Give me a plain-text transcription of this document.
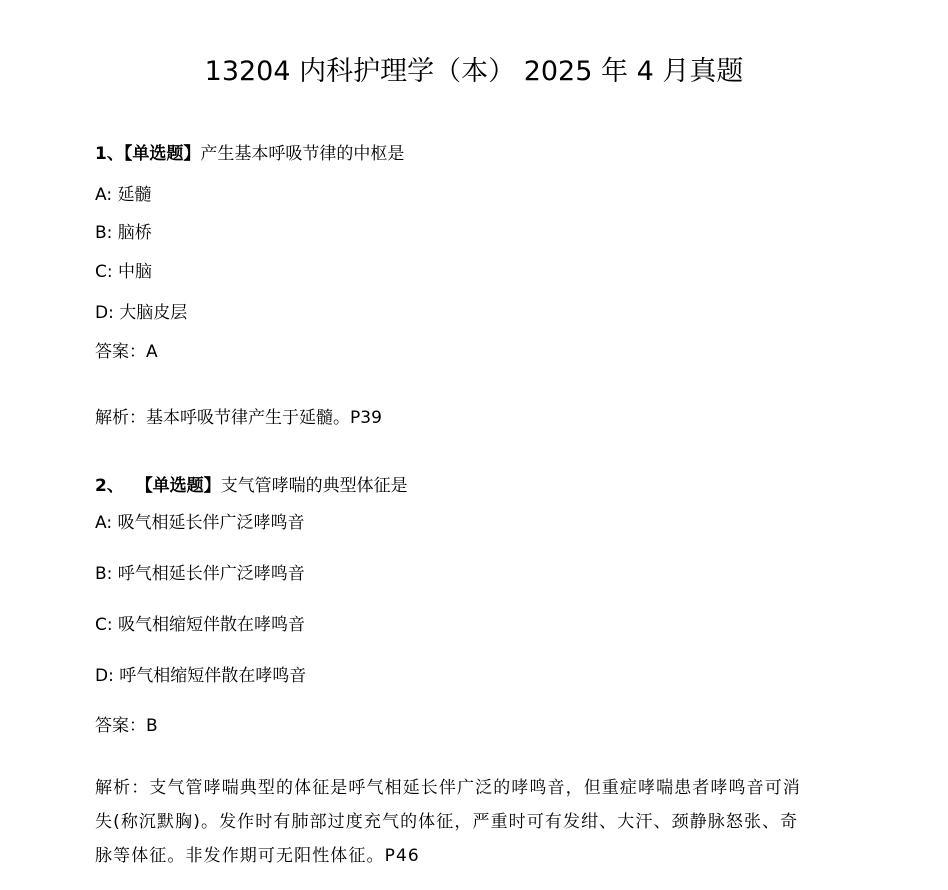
13204 内科护理学（本） 2025 年 4 月真题
1、【单选题】产生基本呼吸节律的中枢是
A: 延髓
B: 脑桥
C: 中脑
D: 大脑皮层
答案：A
解析：基本呼吸节律产生于延髓。P39
2、 【单选题】支气管哮喘的典型体征是
A: 吸气相延长伴广泛哮鸣音
B: 呼气相延长伴广泛哮鸣音
C: 吸气相缩短伴散在哮鸣音
D: 呼气相缩短伴散在哮鸣音
答案：B
解析：支气管哮喘典型的体征是呼气相延长伴广泛的哮鸣音，但重症哮喘患者哮鸣音可消
失(称沉默胸)。发作时有肺部过度充气的体征，严重时可有发绀、大汗、颈静脉怒张、奇
脉等体征。非发作期可无阳性体征。P46
